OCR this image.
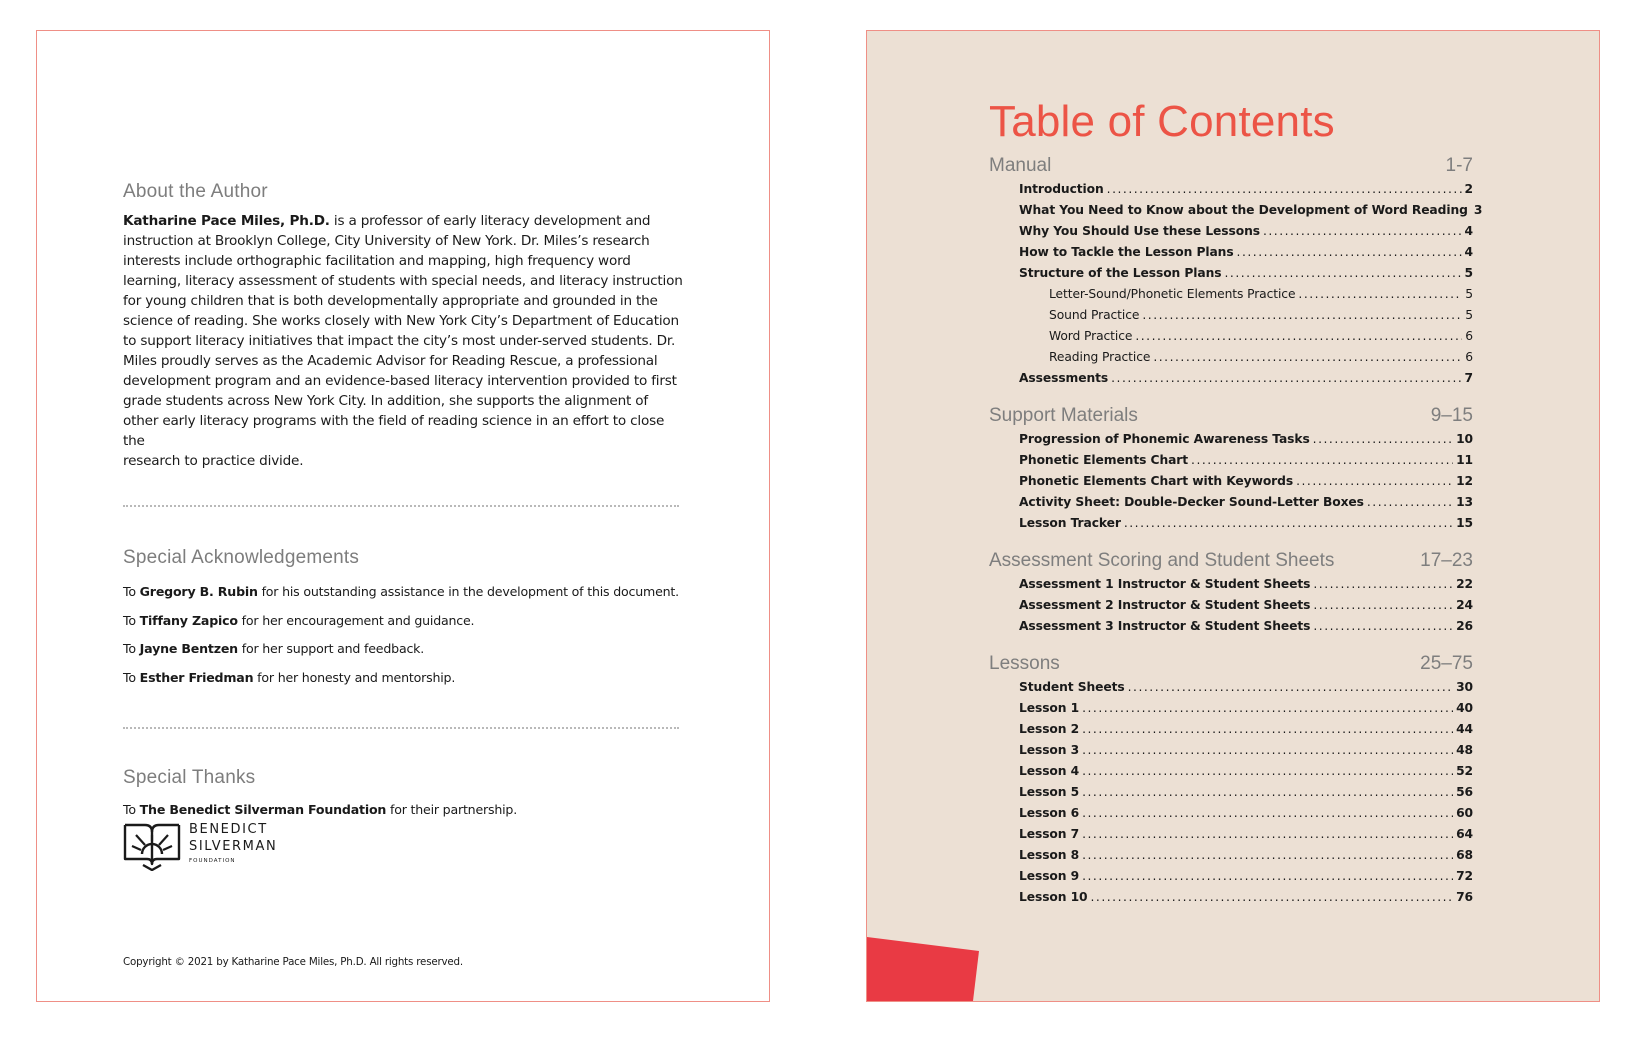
About the Author

Katharine Pace Miles, Ph.D. is a professor of early literacy development and
instruction at Brooklyn College, City University of New York. Dr. Miles’s research
interests include orthographic facilitation and mapping, high frequency word
learning, literacy assessment of students with special needs, and literacy instruction
for young children that is both developmentally appropriate and grounded in the
science of reading. She works closely with New York City’s Department of Education
to support literacy initiatives that impact the city’s most under-served students. Dr.
Miles proudly serves as the Academic Advisor for Reading Rescue, a professional
development program and an evidence-based literacy intervention provided to first
grade students across New York City. In addition, she supports the alignment of
other early literacy programs with the field of reading science in an effort to close the
research to practice divide.

Special Acknowledgements
To Gregory B. Rubin for his outstanding assistance in the development of this document.
To Tiffany Zapico for her encouragement and guidance.
To Jayne Bentzen for her support and feedback.
To Esther Friedman for her honesty and mentorship.
Special Thanks
To The Benedict Silverman Foundation for their partnership.
BENEDICT
SILVERMAN
FOUNDATION
Copyright © 2021 by Katharine Pace Miles, Ph.D. All rights reserved.
Table of Contents
Manual	1-7
Introduction . . .	2
What You Need to Know about the Development of Word Reading 3
Why You Should Use these Lessons . . .	4
How to Tackle the Lesson Plans . . .	4
Structure of the Lesson Plans . . .	5
Letter-Sound/Phonetic Elements Practice . . .	5
Sound Practice . . .	5
Word Practice . . .	6
Reading Practice . . .	6
Assessments . . .	7
Support Materials	9–15
Progression of Phonemic Awareness Tasks . . .	10
Phonetic Elements Chart . . .	11
Phonetic Elements Chart with Keywords . . .	12
Activity Sheet: Double-Decker Sound-Letter Boxes . . .	13
Lesson Tracker . . .	15
Assessment Scoring and Student Sheets	17–23
Assessment 1 Instructor & Student Sheets . . .	22
Assessment 2 Instructor & Student Sheets . . .	24
Assessment 3 Instructor & Student Sheets . . .	26
Lessons	25–75
Student Sheets . . .	30
Lesson 1 . . .	40
Lesson 2 . . .	44
Lesson 3 . . .	48
Lesson 4 . . .	52
Lesson 5 . . .	56
Lesson 6 . . .	60
Lesson 7 . . .	64
Lesson 8 . . .	68
Lesson 9 . . .	72
Lesson 10 . . .	76
